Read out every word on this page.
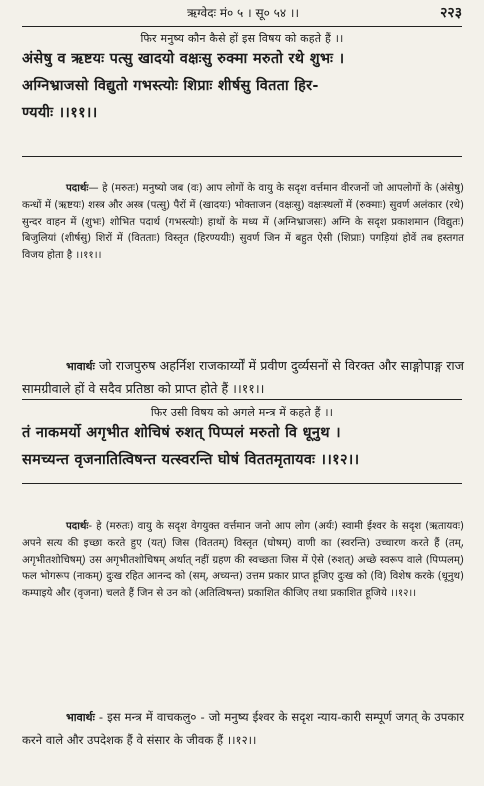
ऋग्वेदः मं० ५ । सू० ५४ ।।	२२३
फिर मनुष्य कौन कैसे हों इस विषय को कहते हैं ।।
अंसेषु व ऋष्टयः पत्सु खादयो वक्षःसु रुक्मा मरुतो रथे शुभः ।
अग्निभ्राजसो विद्युतो गभस्त्योः शिप्राः शीर्षसु वितता हिर-
ण्ययीः ।।११।।
पदार्थः— हे (मरुतः) मनुष्यो जब (वः) आप लोगों के वायु के सदृश वर्त्तमान वीरजनों जो आपलोगों के (अंसेषु) कन्धों में (ऋष्टयः) शस्त्र और अस्त्र (पत्सु) पैरों में (खादयः) भोक्ताजन (वक्षःसु) वक्षःस्थलों में (रुक्माः) सुवर्ण अलंकार (रथे) सुन्दर वाहन में (शुभः) शोभित पदार्थ (गभस्त्योः) हाथों के मध्य में (अग्निभ्राजसः) अग्नि के सदृश प्रकाशमान (विद्युतः) बिजुलियां (शीर्षसु) शिरों में (वितताः) विस्तृत (हिरण्ययीः) सुवर्ण जिन में बहुत ऐसी (शिप्राः) पगड़ियां होवें तब हस्तगत विजय होता है ।।११।।
भावार्थः जो राजपुरुष अहर्निश राजकार्य्यों में प्रवीण दुर्व्यसनों से विरक्त और साङ्गोपाङ्ग राज सामग्रीवाले हों वे सदैव प्रतिष्ठा को प्राप्त होते हैं ।।११।।
फिर उसी विषय को अगले मन्त्र में कहते हैं ।।
तं नाकमर्यो अगृभीत शोचिषं रुशत् पिप्पलं मरुतो वि धूनुथ ।
समच्यन्त वृजनातित्विषन्त यत्स्वरन्ति घोषं विततमृतायवः ।।१२।।
पदार्थः- हे (मरुतः) वायु के सदृश वेगयुक्त वर्त्तमान जनो आप लोग (अर्यः) स्वामी ईश्वर के सदृश (ऋतायवः) अपने सत्य की इच्छा करते हुए (यत्) जिस (विततम्) विस्तृत (घोषम्) वाणी का (स्वरन्ति) उच्चारण करते हैं (तम्, अगृभीतशोचिषम्) उस अगृभीतशोचिषम् अर्थात् नहीं ग्रहण की स्वच्छता जिस में ऐसे (रुशत्) अच्छे स्वरूप वाले (पिप्पलम्) फल भोगरूप (नाकम्) दुःख रहित आनन्द को (सम्, अच्यन्त) उत्तम प्रकार प्राप्त हूजिए दुःख को (वि) विशेष करके (धूनुथ) कम्पाइये और (वृजना) चलते हैं जिन से उन को (अतित्विषन्त) प्रकाशित कीजिए तथा प्रकाशित हूजिये ।।१२।।
भावार्थः - इस मन्त्र में वाचकलु० - जो मनुष्य ईश्वर के सदृश न्याय-कारी सम्पूर्ण जगत् के उपकार करने वाले और उपदेशक हैं वे संसार के जीवक हैं ।।१२।।
